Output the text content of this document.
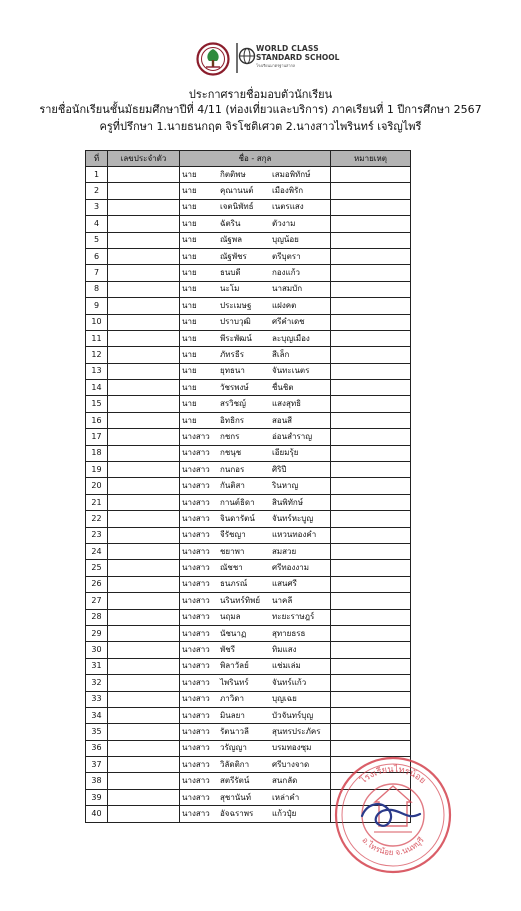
WORLD CLASS
STANDARD SCHOOL
โรงเรียนมาตรฐานสากล
ประกาศรายชื่อมอบตัวนักเรียน
รายชื่อนักเรียนชั้นมัธยมศึกษาปีที่ 4/11 (ท่องเที่ยวและบริการ) ภาคเรียนที่ 1 ปีการศึกษา 2567
ครูที่ปรึกษา 1.นายธนกฤต จิรโชติเศวต 2.นางสาวไพรินทร์ เจริญไพรี
ที่	เลขประจำตัว	ชื่อ - สกุล	หมายเหตุ
1		นาย กิตติพษ เสมอพิทักษ์	
2		นาย คุณานนต์ เมืองพิรัก	
3		นาย เจตนิพัทธ์ เนตรแสง	
4		นาย ฉัตริน ตัวงาม	
5		นาย ณัฐพล บุญน้อย	
6		นาย ณัฐพัชร ตรีบุตรา	
7		นาย ธนบดี กองแก้ว	
8		นาย นะโม นาสมบัก	
9		นาย ประเมษฐ แฝงคต	
10		นาย ปราบวุฒิ ศรีคำเดช	
11		นาย พีระพัฒน์ ละบุญเมือง	
12		นาย ภัทรธีร สีเล็ก	
13		นาย ยุทธนา จันทะเนตร	
14		นาย วัชรพงษ์ ชื่นชิต	
15		นาย สรวิชญ์ แสงสุทธิ	
16		นาย อิทธิกร สอนสี	
17		นางสาว กชกร อ่อนสำราญ	
18		นางสาว กชนุช เอียมรุ้ย	
19		นางสาว กนกอร ศิริปี	
20		นางสาว กันติสา รินหาญ	
21		นางสาว กานต์ธิดา สินพิทักษ์	
22		นางสาว จินดารัตน์ จันทร์หะบูญ	
23		นางสาว จีรัชญา แหวนทองคำ	
24		นางสาว ชยาพา สมสวย	
25		นางสาว ณัชชา ศรีทองงาม	
26		นางสาว ธนภรณ์ แสนศรี	
27		นางสาว นรินทร์ทิพย์ นาคลี	
28		นางสาว นฤมล ทะยะราษฎร์	
29		นางสาว นัชนาฏ สุทายธรธ	
30		นางสาว พัชรี ทิมแสง	
31		นางสาว พิลาวัลย์ แช่มเล่ม	
32		นางสาว ไพรินทร์ จันทร์แก้ว	
33		นางสาว ภาวิดา บุญเฉย	
34		นางสาว มินลยา บัวจันทร์บุญ	
35		นางสาว รัตนาวลี สุนทรประภัคร	
36		นางสาว วรัญญา บรมทองซุม	
37		นางสาว วิลัดติกา ศรีบางจาด	
38		นางสาว สตรีรัตน์ สนกลัด	
39		นางสาว สุชานันท์ เหล่าคำ	
40		นางสาว อัจฉราพร แก้วปุ๋ย	
โรงเรียนไทรน้อย
อ.ไทรน้อย จ.นนทบุรี
